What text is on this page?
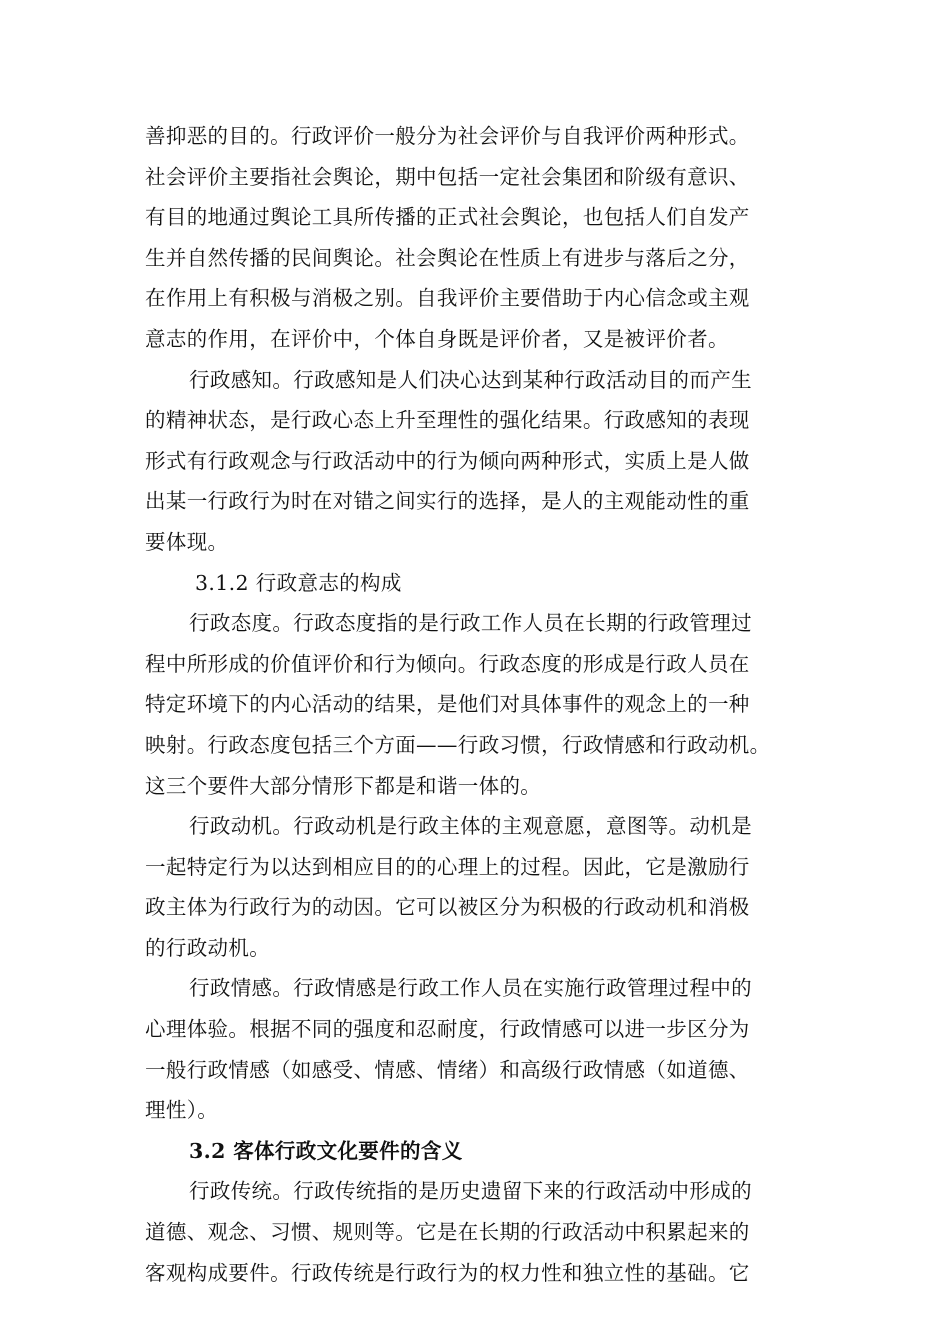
善抑恶的目的。行政评价一般分为社会评价与自我评价两种形式。
社会评价主要指社会舆论，期中包括一定社会集团和阶级有意识、
有目的地通过舆论工具所传播的正式社会舆论，也包括人们自发产
生并自然传播的民间舆论。社会舆论在性质上有进步与落后之分，
在作用上有积极与消极之别。自我评价主要借助于内心信念或主观
意志的作用，在评价中，个体自身既是评价者，又是被评价者。
行政感知。行政感知是人们决心达到某种行政活动目的而产生
的精神状态，是行政心态上升至理性的强化结果。行政感知的表现
形式有行政观念与行政活动中的行为倾向两种形式，实质上是人做
出某一行政行为时在对错之间实行的选择，是人的主观能动性的重
要体现。
3.1.2 行政意志的构成
行政态度。行政态度指的是行政工作人员在长期的行政管理过
程中所形成的价值评价和行为倾向。行政态度的形成是行政人员在
特定环境下的内心活动的结果，是他们对具体事件的观念上的一种
映射。行政态度包括三个方面——行政习惯，行政情感和行政动机。
这三个要件大部分情形下都是和谐一体的。
行政动机。行政动机是行政主体的主观意愿，意图等。动机是
一起特定行为以达到相应目的的心理上的过程。因此，它是激励行
政主体为行政行为的动因。它可以被区分为积极的行政动机和消极
的行政动机。
行政情感。行政情感是行政工作人员在实施行政管理过程中的
心理体验。根据不同的强度和忍耐度，行政情感可以进一步区分为
一般行政情感（如感受、情感、情绪）和高级行政情感（如道德、
理性）。
3.2 客体行政文化要件的含义
行政传统。行政传统指的是历史遗留下来的行政活动中形成的
道德、观念、习惯、规则等。它是在长期的行政活动中积累起来的
客观构成要件。行政传统是行政行为的权力性和独立性的基础。它
